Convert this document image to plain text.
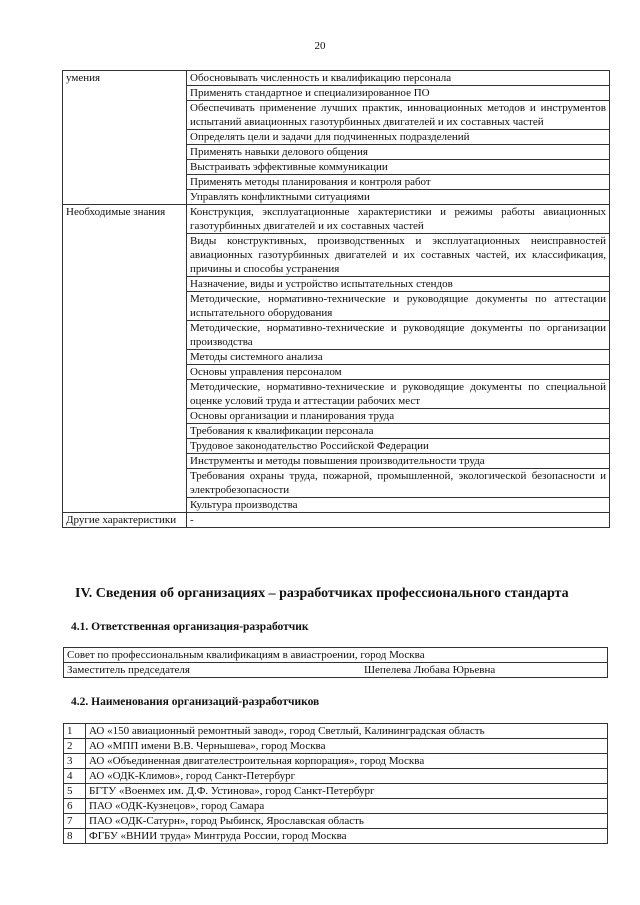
20
умения	Обосновывать численность и квалификацию персонала
	Применять стандартное и специализированное ПО
	Обеспечивать применение лучших практик, инновационных методов и инструментов испытаний авиационных газотурбинных двигателей и их составных частей
	Определять цели и задачи для подчиненных подразделений
	Применять навыки делового общения
	Выстраивать эффективные коммуникации
	Применять методы планирования и контроля работ
	Управлять конфликтными ситуациями
Необходимые знания	Конструкция, эксплуатационные характеристики и режимы работы авиационных газотурбинных двигателей и их составных частей
	Виды конструктивных, производственных и эксплуатационных неисправностей авиационных газотурбинных двигателей и их составных частей, их классификация, причины и способы устранения
	Назначение, виды и устройство испытательных стендов
	Методические, нормативно-технические и руководящие документы по аттестации испытательного оборудования
	Методические, нормативно-технические и руководящие документы по организации производства
	Методы системного анализа
	Основы управления персоналом
	Методические, нормативно-технические и руководящие документы по специальной оценке условий труда и аттестации рабочих мест
	Основы организации и планирования труда
	Требования к квалификации персонала
	Трудовое законодательство Российской Федерации
	Инструменты и методы повышения производительности труда
	Требования охраны труда, пожарной, промышленной, экологической безопасности и электробезопасности
	Культура производства
Другие характеристики	-
IV. Сведения об организациях – разработчиках профессионального стандарта
4.1. Ответственная организация-разработчик
Совет по профессиональным квалификациям в авиастроении, город Москва
Заместитель председателя	Шепелева Любава Юрьевна
4.2. Наименования организаций-разработчиков
1	АО «150 авиационный ремонтный завод», город Светлый, Калининградская область
2	АО «МПП имени В.В. Чернышева», город Москва
3	АО «Объединенная двигателестроительная корпорация», город Москва
4	АО «ОДК-Климов», город Санкт-Петербург
5	БГТУ «Военмех им. Д.Ф. Устинова», город Санкт-Петербург
6	ПАО «ОДК-Кузнецов», город Самара
7	ПАО «ОДК-Сатурн», город Рыбинск, Ярославская область
8	ФГБУ «ВНИИ труда» Минтруда России, город Москва
